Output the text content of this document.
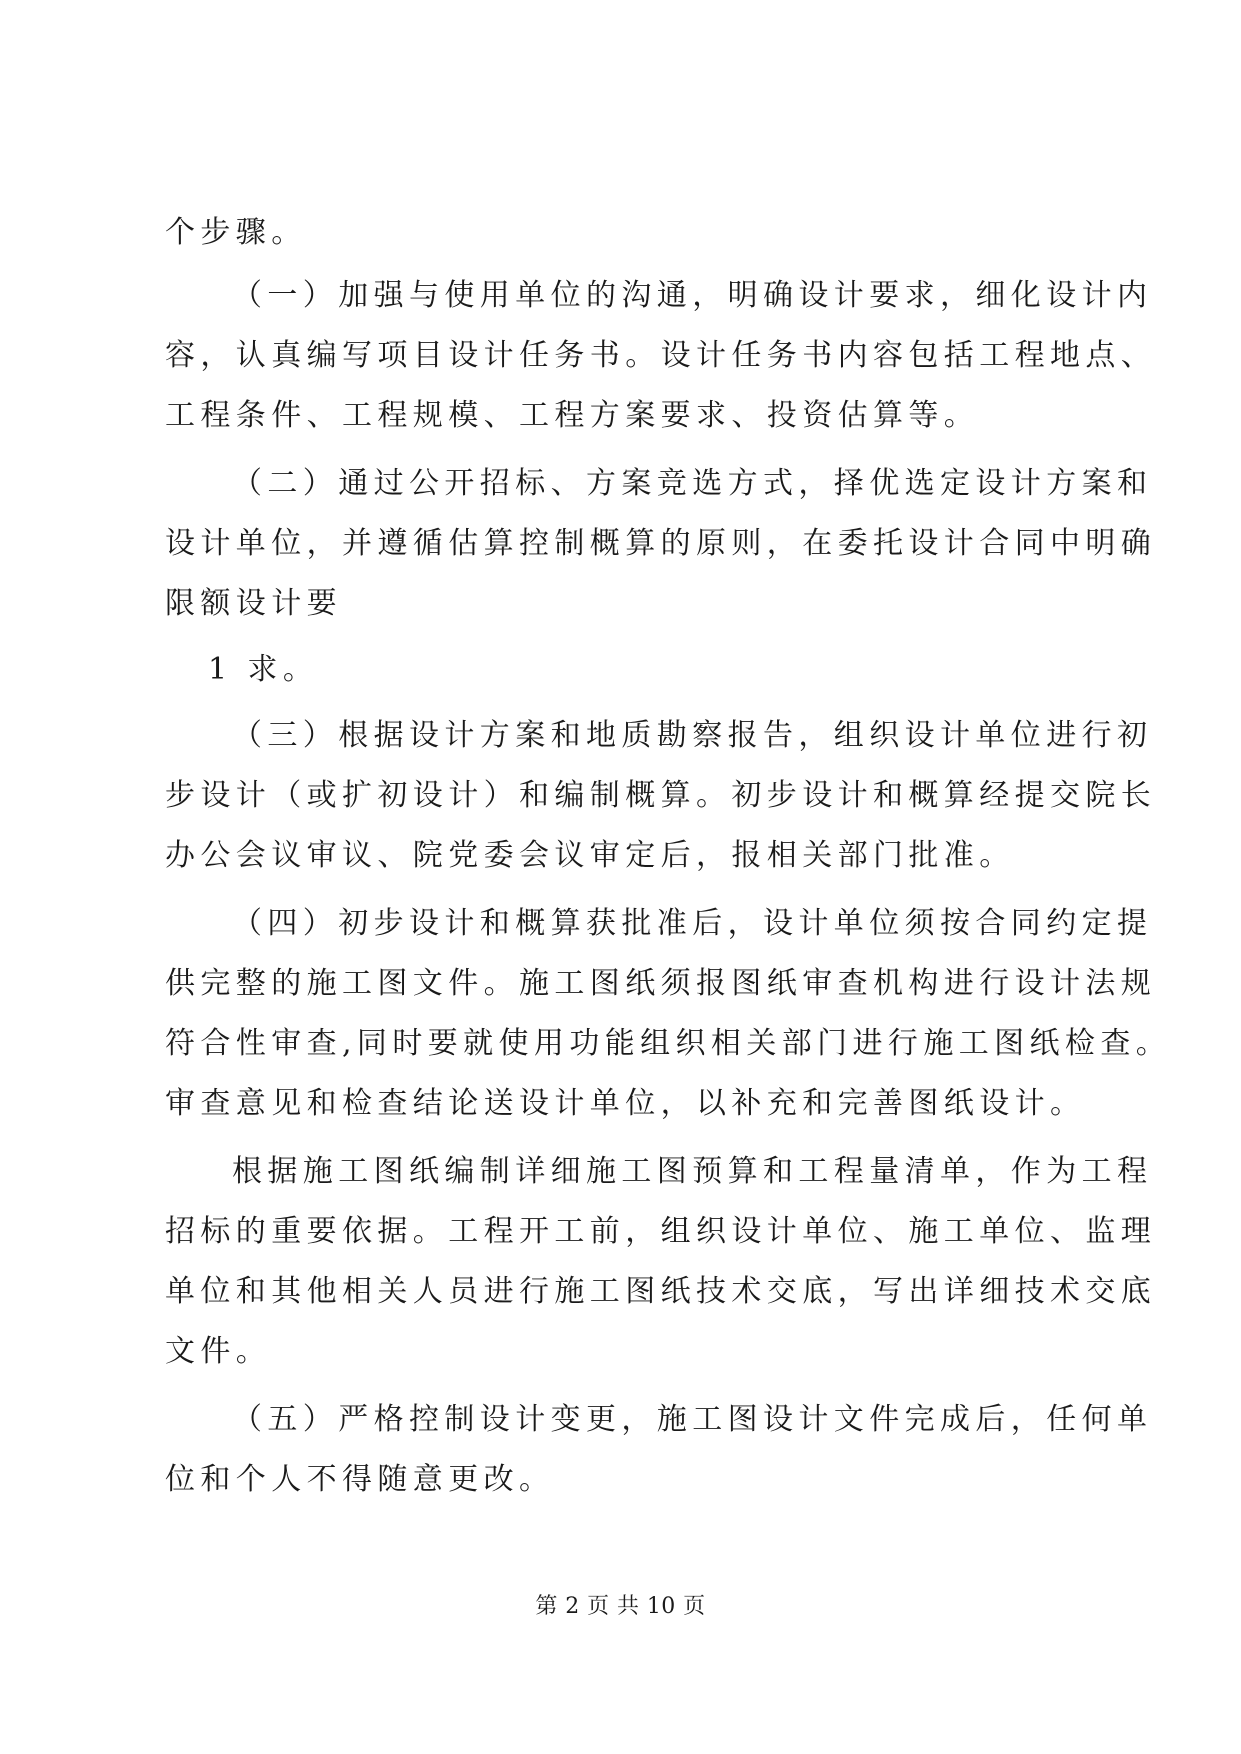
个步骤。
（一）加强与使用单位的沟通，明确设计要求，细化设计内
容，认真编写项目设计任务书。设计任务书内容包括工程地点、
工程条件、工程规模、工程方案要求、投资估算等。
（二）通过公开招标、方案竞选方式，择优选定设计方案和
设计单位，并遵循估算控制概算的原则，在委托设计合同中明确
限额设计要
1 求。
（三）根据设计方案和地质勘察报告，组织设计单位进行初
步设计（或扩初设计）和编制概算。初步设计和概算经提交院长
办公会议审议、院党委会议审定后，报相关部门批准。
（四）初步设计和概算获批准后，设计单位须按合同约定提
供完整的施工图文件。施工图纸须报图纸审查机构进行设计法规
符合性审查,同时要就使用功能组织相关部门进行施工图纸检查。
审查意见和检查结论送设计单位，以补充和完善图纸设计。
根据施工图纸编制详细施工图预算和工程量清单，作为工程
招标的重要依据。工程开工前，组织设计单位、施工单位、监理
单位和其他相关人员进行施工图纸技术交底，写出详细技术交底
文件。
（五）严格控制设计变更，施工图设计文件完成后，任何单
位和个人不得随意更改。
第 2 页 共 10 页
